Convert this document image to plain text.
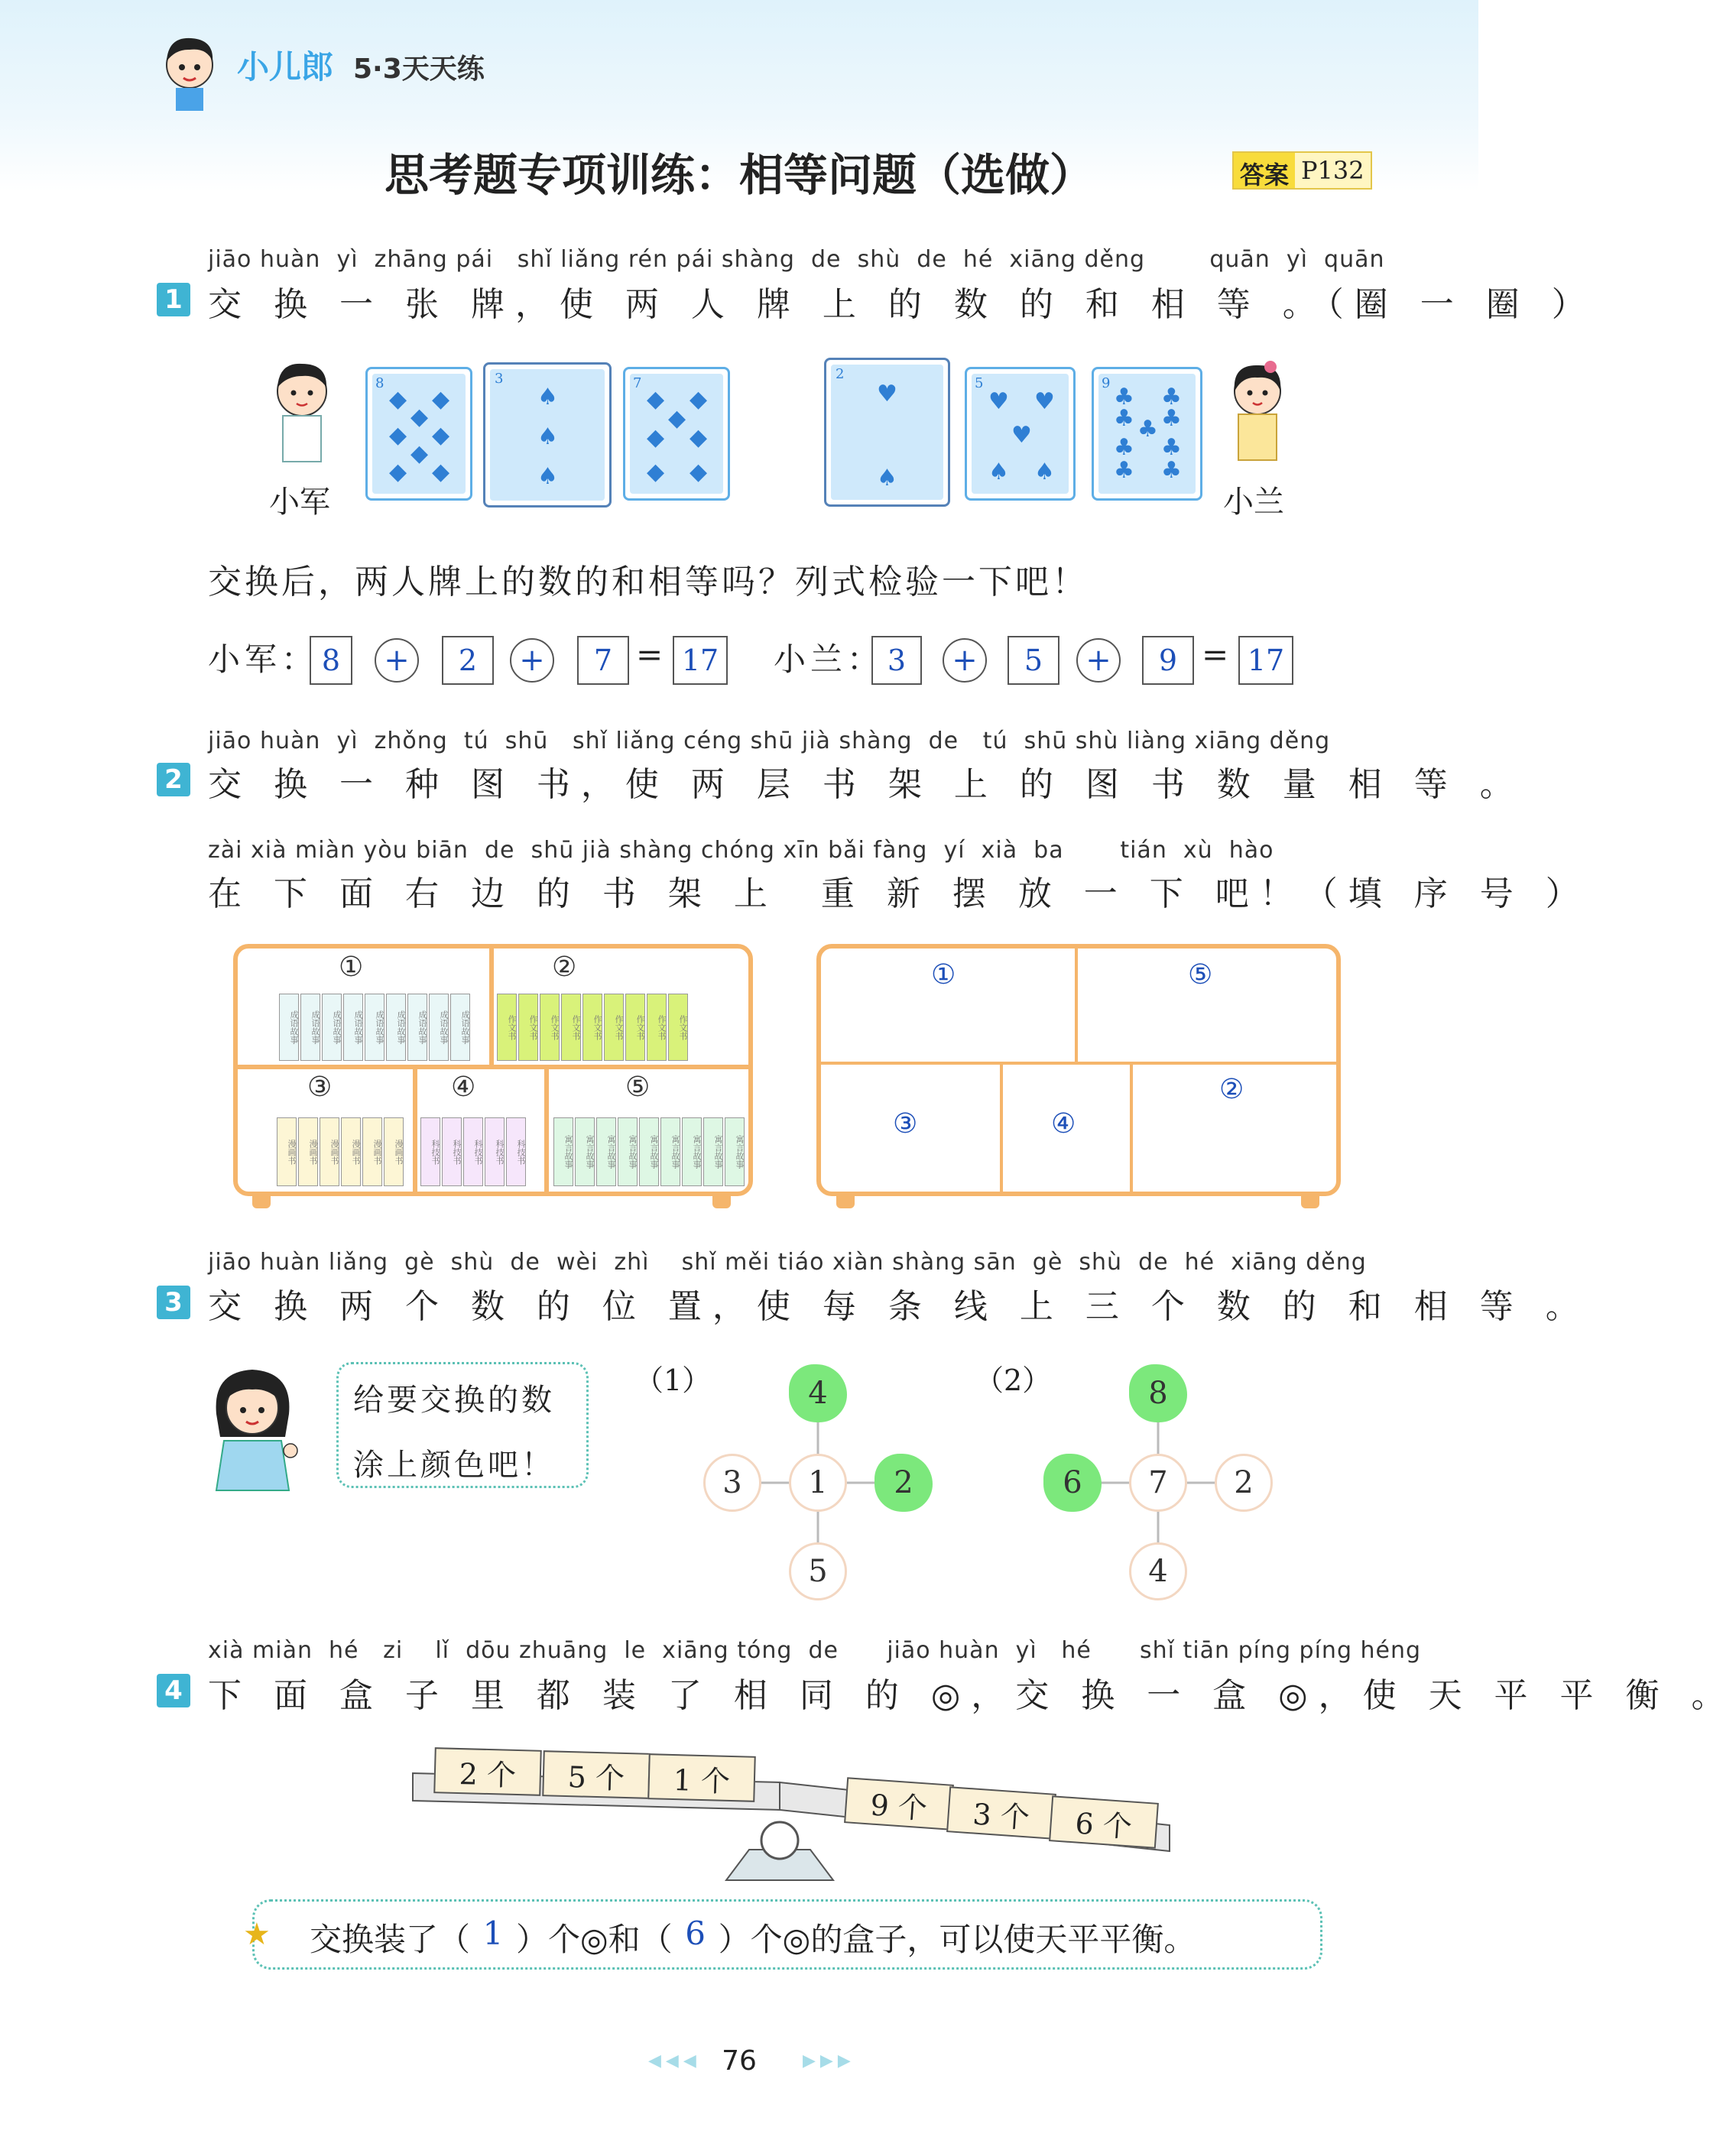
小儿郎 5·3天天练
思考题专项训练：相等问题（选做）	答案 P132
jiāo huàn  yì  zhāng pái   shǐ liǎng rén pái shàng  de  shù  de  hé  xiāng děng        quān  yì  quān
1 交 换 一 张 牌，使 两 人 牌 上 的 数 的 和 相 等 。（圈 一 圈 ）
小军
8
◆ ◆
◆
◆ ◆
◆
◆ ◆
3
♠
♠
♠
7
◆ ◆
◆
◆ ◆
◆ ◆
2
♥
♠
5
♥ ♥
♥
♠ ♠
9
♣ ♣
♣ ♣
♣
♣ ♣
♣ ♣
小兰
交换后，两人牌上的数的和相等吗？列式检验一下吧！
小军： 8	+	2	+	7 = 17 小兰： 3	+	5	+	9 = 17
jiāo huàn  yì  zhǒng  tú  shū   shǐ liǎng céng shū jià shàng  de   tú  shū shù liàng xiāng děng
2 交 换 一 种 图 书，使 两 层 书 架 上 的 图 书 数 量 相 等 。
zài xià miàn yòu biān  de  shū jià shàng chóng xīn bǎi fàng  yí  xià  ba       tián  xù  hào
在 下 面 右 边 的 书 架 上  重 新 摆 放 一 下 吧！（填 序 号 ）
①	②
③	④	⑤
成语故事	成语故事	成语故事	成语故事	成语故事	成语故事	成语故事	成语故事	成语故事	作文书	作文书	作文书	作文书	作文书	作文书	作文书	作文书	作文书
漫画书	漫画书	漫画书	漫画书	漫画书	漫画书	科技书	科技书	科技书	科技书	科技书	寓言故事	寓言故事	寓言故事	寓言故事	寓言故事	寓言故事	寓言故事	寓言故事	寓言故事
①	⑤
③	④
②
jiāo huàn liǎng  gè  shù  de  wèi  zhì    shǐ měi tiáo xiàn shàng sān  gè  shù  de  hé  xiāng děng
3 交 换 两 个 数 的 位 置，使 每 条 线 上 三 个 数 的 和 相 等 。
给要交换的数
涂上颜色吧！
（1）	4
3	1	2
5
（2）	8
6	7	2
4
xià miàn  hé   zi    lǐ  dōu zhuāng  le  xiāng tóng  de      jiāo huàn  yì   hé      shǐ tiān píng píng héng
4 下 面 盒 子 里 都 装 了 相 同 的 ◎，交 换 一 盒 ◎，使 天 平 平 衡 。
2 个	5 个	1 个
9 个	3 个	6 个
★ 交换装了（ 1 ）个◎和（ 6 ）个◎的盒子，可以使天平平衡。
◀◀◀ 76	▶▶▶
